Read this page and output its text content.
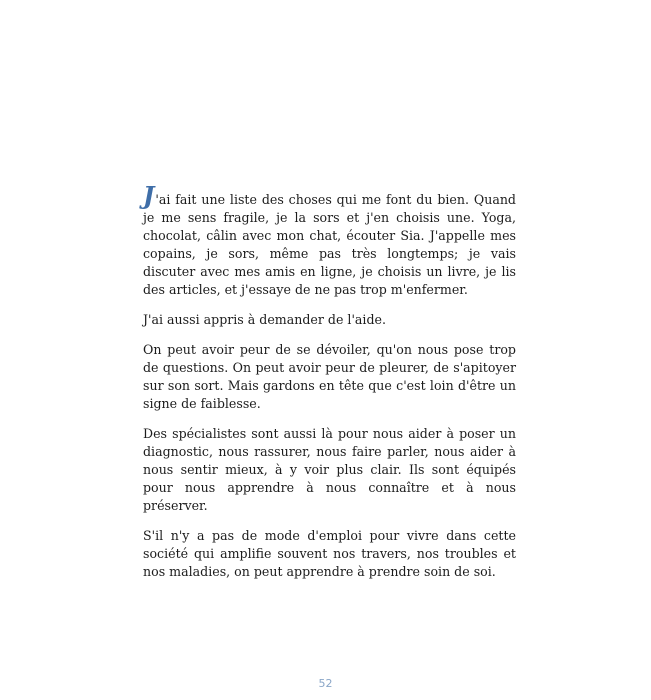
J'ai fait une liste des choses qui me font du bien. Quand je me sens fragile, je la sors et j'en choisis une. Yoga, chocolat, câlin avec mon chat, écouter Sia. J'appelle mes copains, je sors, même pas très longtemps; je vais discuter avec mes amis en ligne, je choisis un livre, je lis des articles, et j'essaye de ne pas trop m'enfermer.

J'ai aussi appris à demander de l'aide.

On peut avoir peur de se dévoiler, qu'on nous pose trop de questions. On peut avoir peur de pleurer, de s'apitoyer sur son sort. Mais gardons en tête que c'est loin d'être un signe de faiblesse.

Des spécialistes sont aussi là pour nous aider à poser un diagnostic, nous rassurer, nous faire parler, nous aider à nous sentir mieux, à y voir plus clair. Ils sont équipés pour nous apprendre à nous connaître et à nous préserver.

S'il n'y a pas de mode d'emploi pour vivre dans cette société qui amplifie souvent nos travers, nos troubles et nos maladies, on peut apprendre à prendre soin de soi.

52
